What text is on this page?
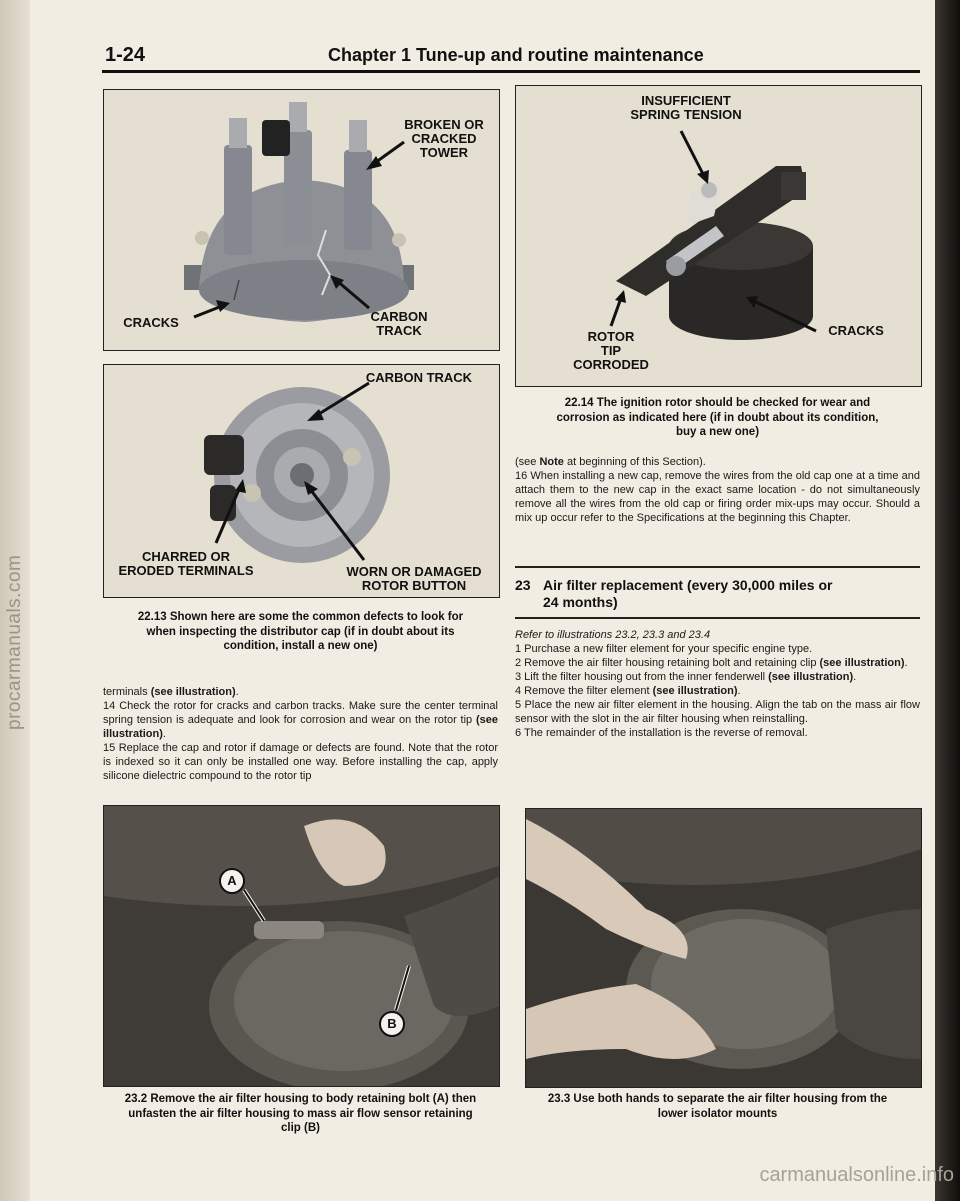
procarmanuals.com
1-24	Chapter 1 Tune-up and routine maintenance
BROKEN OR
CRACKED
TOWER
CRACKS	CARBON
TRACK
CARBON TRACK
CHARRED OR
ERODED TERMINALS	WORN OR DAMAGED
ROTOR BUTTON
22.13 Shown here are some the common defects to look for
when inspecting the distributor cap (if in doubt about its
condition, install a new one)

terminals (see illustration).

14 Check the rotor for cracks and carbon tracks. Make sure the center terminal spring tension is adequate and look for corrosion and wear on the rotor tip (see illustration).

15 Replace the cap and rotor if damage or defects are found. Note that the rotor is indexed so it can only be installed one way. Before installing the cap, apply silicone dielectric compound to the rotor tip

INSUFFICIENT
SPRING TENSION
ROTOR
TIP
CORRODED
CRACKS
22.14 The ignition rotor should be checked for wear and
corrosion as indicated here (if in doubt about its condition,
buy a new one)

(see Note at beginning of this Section).

16 When installing a new cap, remove the wires from the old cap one at a time and attach them to the new cap in the exact same location - do not simultaneously remove all the wires from the old cap or firing order mix-ups may occur. Should a mix up occur refer to the Specifications at the beginning this Chapter.

23 Air filter replacement (every 30,000 miles or
24 months)

Refer to illustrations 23.2, 23.3 and 23.4

1 Purchase a new filter element for your specific engine type.

2 Remove the air filter housing retaining bolt and retaining clip (see illustration).

3 Lift the filter housing out from the inner fenderwell (see illustration).

4 Remove the filter element (see illustration).

5 Place the new air filter element in the housing. Align the tab on the mass air flow sensor with the slot in the air filter housing when reinstalling.

6 The remainder of the installation is the reverse of removal.

A
B
23.2 Remove the air filter housing to body retaining bolt (A) then
unfasten the air filter housing to mass air flow sensor retaining
clip (B)
23.3 Use both hands to separate the air filter housing from the
lower isolator mounts
carmanualsonline.info
